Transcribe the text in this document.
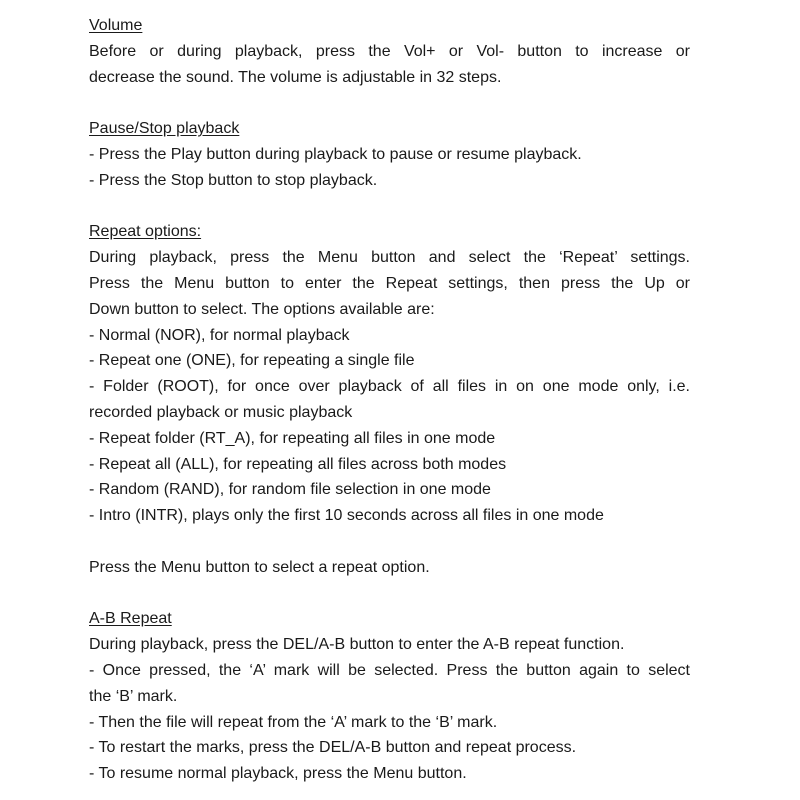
Volume
Before or during playback, press the Vol+ or Vol- button to increase or
decrease the sound. The volume is adjustable in 32 steps.
Pause/Stop playback
- Press the Play button during playback to pause or resume playback.
- Press the Stop button to stop playback.
Repeat options:
During playback, press the Menu button and select the ‘Repeat’ settings.
Press the Menu button to enter the Repeat settings, then press the Up or
Down button to select. The options available are:
- Normal (NOR), for normal playback
- Repeat one (ONE), for repeating a single file
- Folder (ROOT), for once over playback of all files in on one mode only, i.e.
recorded playback or music playback
- Repeat folder (RT_A), for repeating all files in one mode
- Repeat all (ALL), for repeating all files across both modes
- Random (RAND), for random file selection in one mode
- Intro (INTR), plays only the first 10 seconds across all files in one mode
Press the Menu button to select a repeat option.
A-B Repeat
During playback, press the DEL/A-B button to enter the A-B repeat function.
- Once pressed, the ‘A’ mark will be selected. Press the button again to select
the ‘B’ mark.
- Then the file will repeat from the ‘A’ mark to the ‘B’ mark.
- To restart the marks, press the DEL/A-B button and repeat process.
- To resume normal playback, press the Menu button.
